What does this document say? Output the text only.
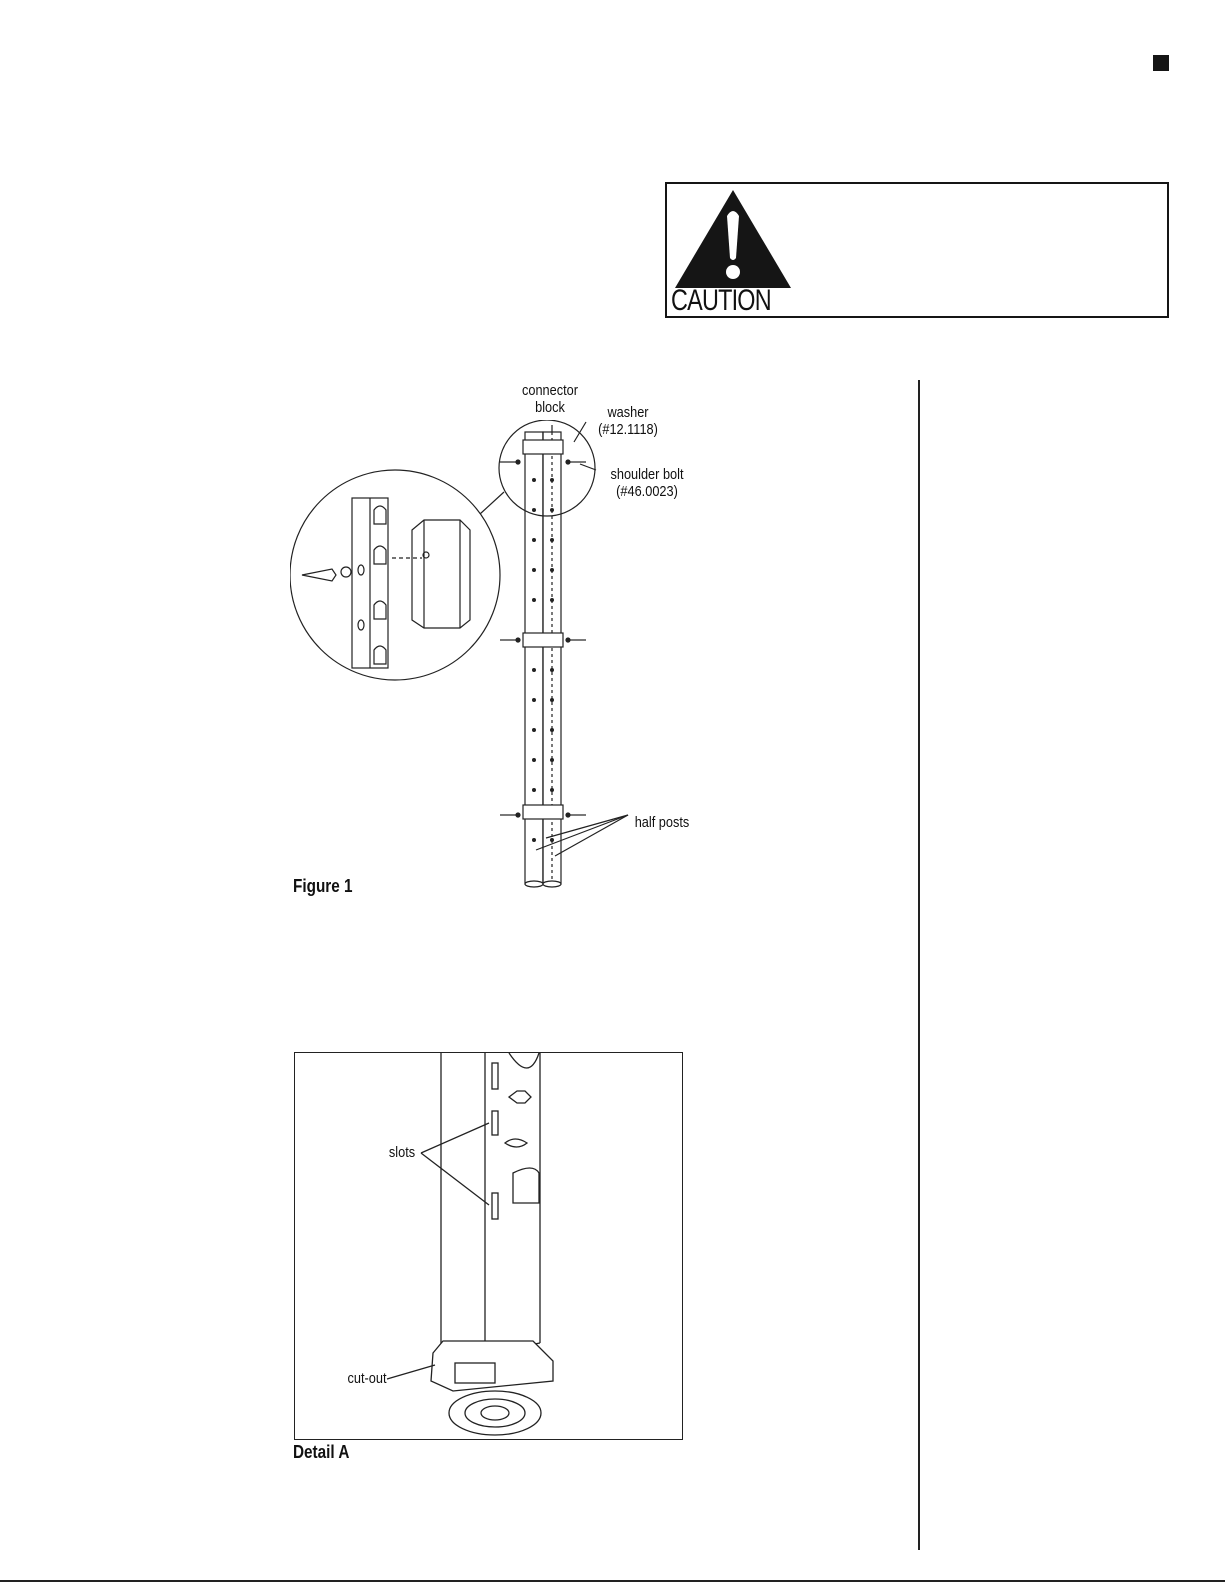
CAUTION
connector
block	washer
(#12.1118)
shoulder bolt
(#46.0023)
half posts
Figure 1
slots
cut-out
Detail A
